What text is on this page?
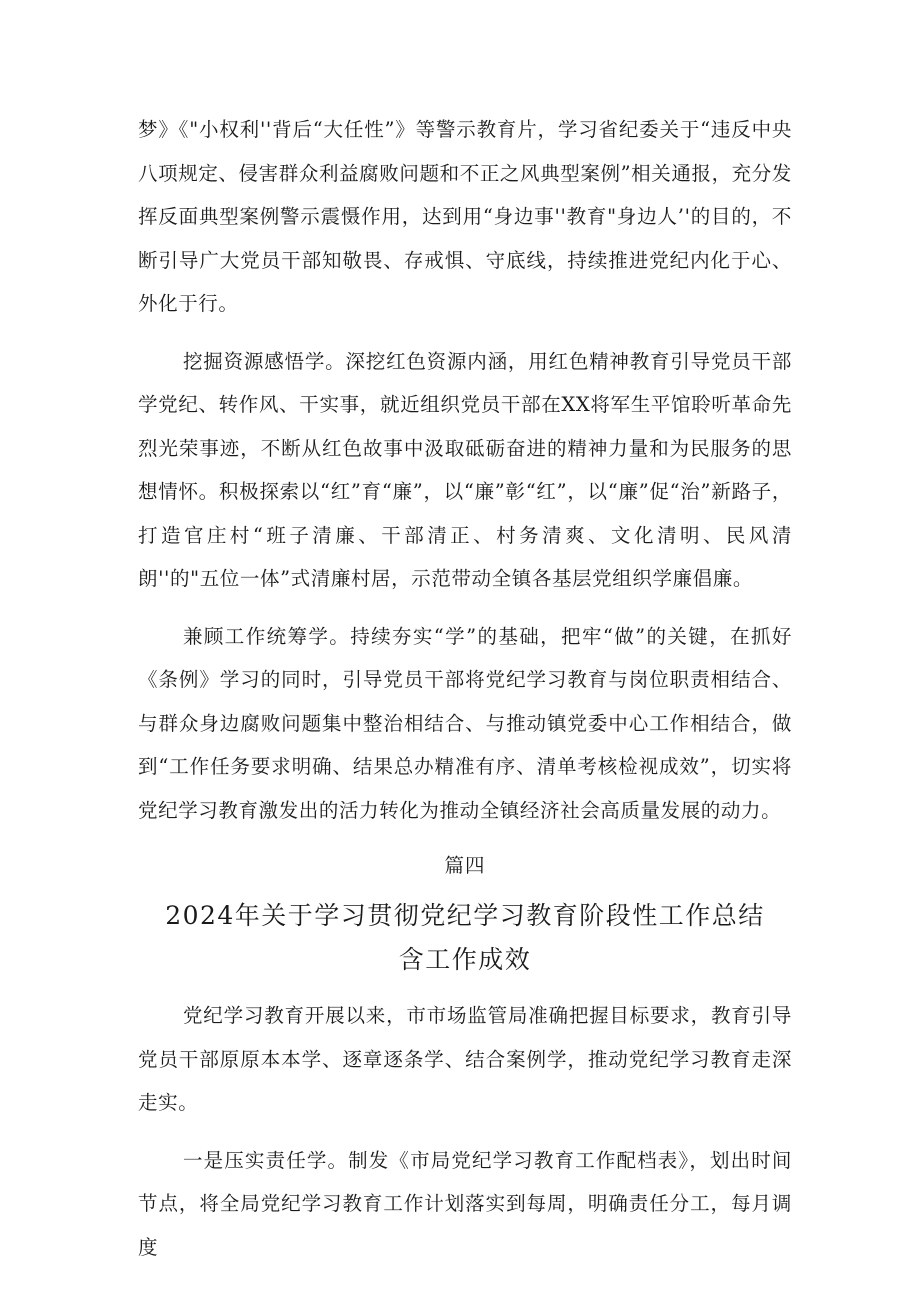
梦》《"小权利''背后“大任性”》等警示教育片，学习省纪委关于“违反中央八项规定、侵害群众利益腐败问题和不正之风典型案例”相关通报，充分发挥反面典型案例警示震慑作用，达到用“身边事''教育"身边人’'的目的，不断引导广大党员干部知敬畏、存戒惧、守底线，持续推进党纪内化于心、外化于行。

挖掘资源感悟学。深挖红色资源内涵，用红色精神教育引导党员干部学党纪、转作风、干实事，就近组织党员干部在XX将军生平馆聆听革命先烈光荣事迹，不断从红色故事中汲取砥砺奋进的精神力量和为民服务的思想情怀。积极探索以“红”育“廉”，以“廉”彰“红”，以“廉”促“治”新路子，打造官庄村“班子清廉、干部清正、村务清爽、文化清明、民风清朗''的"五位一体”式清廉村居，示范带动全镇各基层党组织学廉倡廉。

兼顾工作统筹学。持续夯实“学”的基础，把牢“做”的关键，在抓好《条例》学习的同时，引导党员干部将党纪学习教育与岗位职责相结合、与群众身边腐败问题集中整治相结合、与推动镇党委中心工作相结合，做到“工作任务要求明确、结果总办精准有序、清单考核检视成效”，切实将党纪学习教育激发出的活力转化为推动全镇经济社会高质量发展的动力。

篇四
2024年关于学习贯彻党纪学习教育阶段性工作总结
含工作成效

党纪学习教育开展以来，市市场监管局准确把握目标要求，教育引导党员干部原原本本学、逐章逐条学、结合案例学，推动党纪学习教育走深走实。

一是压实责任学。制发《市局党纪学习教育工作配档表》，划出时间节点，将全局党纪学习教育工作计划落实到每周，明确责任分工，每月调度
